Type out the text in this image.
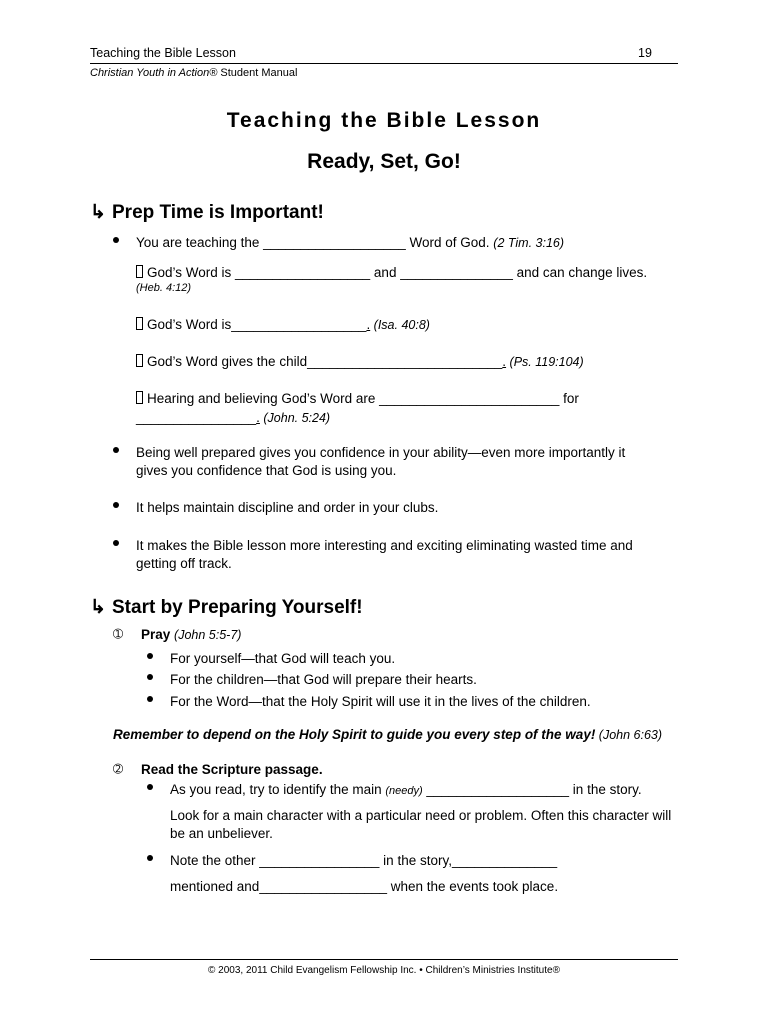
Teaching the Bible Lesson	19
Christian Youth in Action® Student Manual
Teaching the Bible Lesson
Ready, Set, Go!
↳ Prep Time is Important!
You are teaching the ___________________ Word of God. (2 Tim. 3:16)
God’s Word is __________________ and _______________ and can change lives.
(Heb. 4:12)
God’s Word is__________________. (Isa. 40:8)
God’s Word gives the child__________________________. (Ps. 119:104)
Hearing and believing God’s Word are ________________________ for
________________. (John. 5:24)
Being well prepared gives you confidence in your ability—even more importantly it gives you confidence that God is using you.
It helps maintain discipline and order in your clubs.
It makes the Bible lesson more interesting and exciting eliminating wasted time and getting off track.
↳ Start by Preparing Yourself!
➀ Pray (John 5:5-7)
For yourself—that God will teach you.
For the children—that God will prepare their hearts.
For the Word—that the Holy Spirit will use it in the lives of the children.
Remember to depend on the Holy Spirit to guide you every step of the way! (John 6:63)
➁ Read the Scripture passage.
As you read, try to identify the main (needy) ___________________ in the story.
Look for a main character with a particular need or problem. Often this character will be an unbeliever.
Note the other ________________ in the story,______________
mentioned and_________________ when the events took place.
© 2003, 2011 Child Evangelism Fellowship Inc. • Children’s Ministries Institute®
